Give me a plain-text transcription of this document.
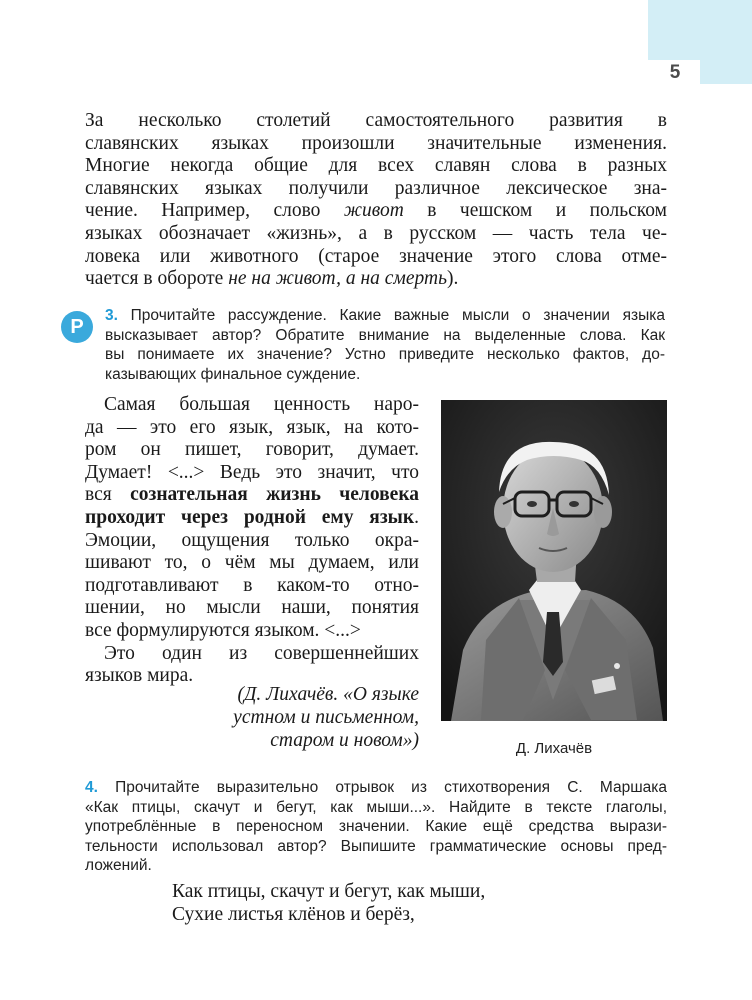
5
За несколько столетий самостоятельного развития в
славянских языках произошли значительные изменения.
Многие некогда общие для всех славян слова в разных
славянских языках получили различное лексическое зна-
чение. Например, слово живот в чешском и польском
языках обозначает «жизнь», а в русском — часть тела че-
ловека или животного (старое значение этого слова отме-
чается в обороте не на живот, а на смерть).
Р
3. Прочитайте рассуждение. Какие важные мысли о значении языка
высказывает автор? Обратите внимание на выделенные слова. Как
вы понимаете их значение? Устно приведите несколько фактов, до-
казывающих финальное суждение.
Самая большая ценность наро-
да — это его язык, язык, на кото-
ром он пишет, говорит, думает.
Думает! <...> Ведь это значит, что
вся сознательная жизнь человека
проходит через родной ему язык.
Эмоции, ощущения только окра-
шивают то, о чём мы думаем, или
подготавливают в каком-то отно-
шении, но мысли наши, понятия
все формулируются языком. <...>
Это один из совершеннейших
языков мира.
(Д. Лихачёв. «О языке
устном и письменном,
старом и новом»)	Д. Лихачёв
4. Прочитайте выразительно отрывок из стихотворения С. Маршака
«Как птицы, скачут и бегут, как мыши...». Найдите в тексте глаголы,
употреблённые в переносном значении. Какие ещё средства вырази-
тельности использовал автор? Выпишите грамматические основы пред-
ложений.
Как птицы, скачут и бегут, как мыши,
Сухие листья клёнов и берёз,
